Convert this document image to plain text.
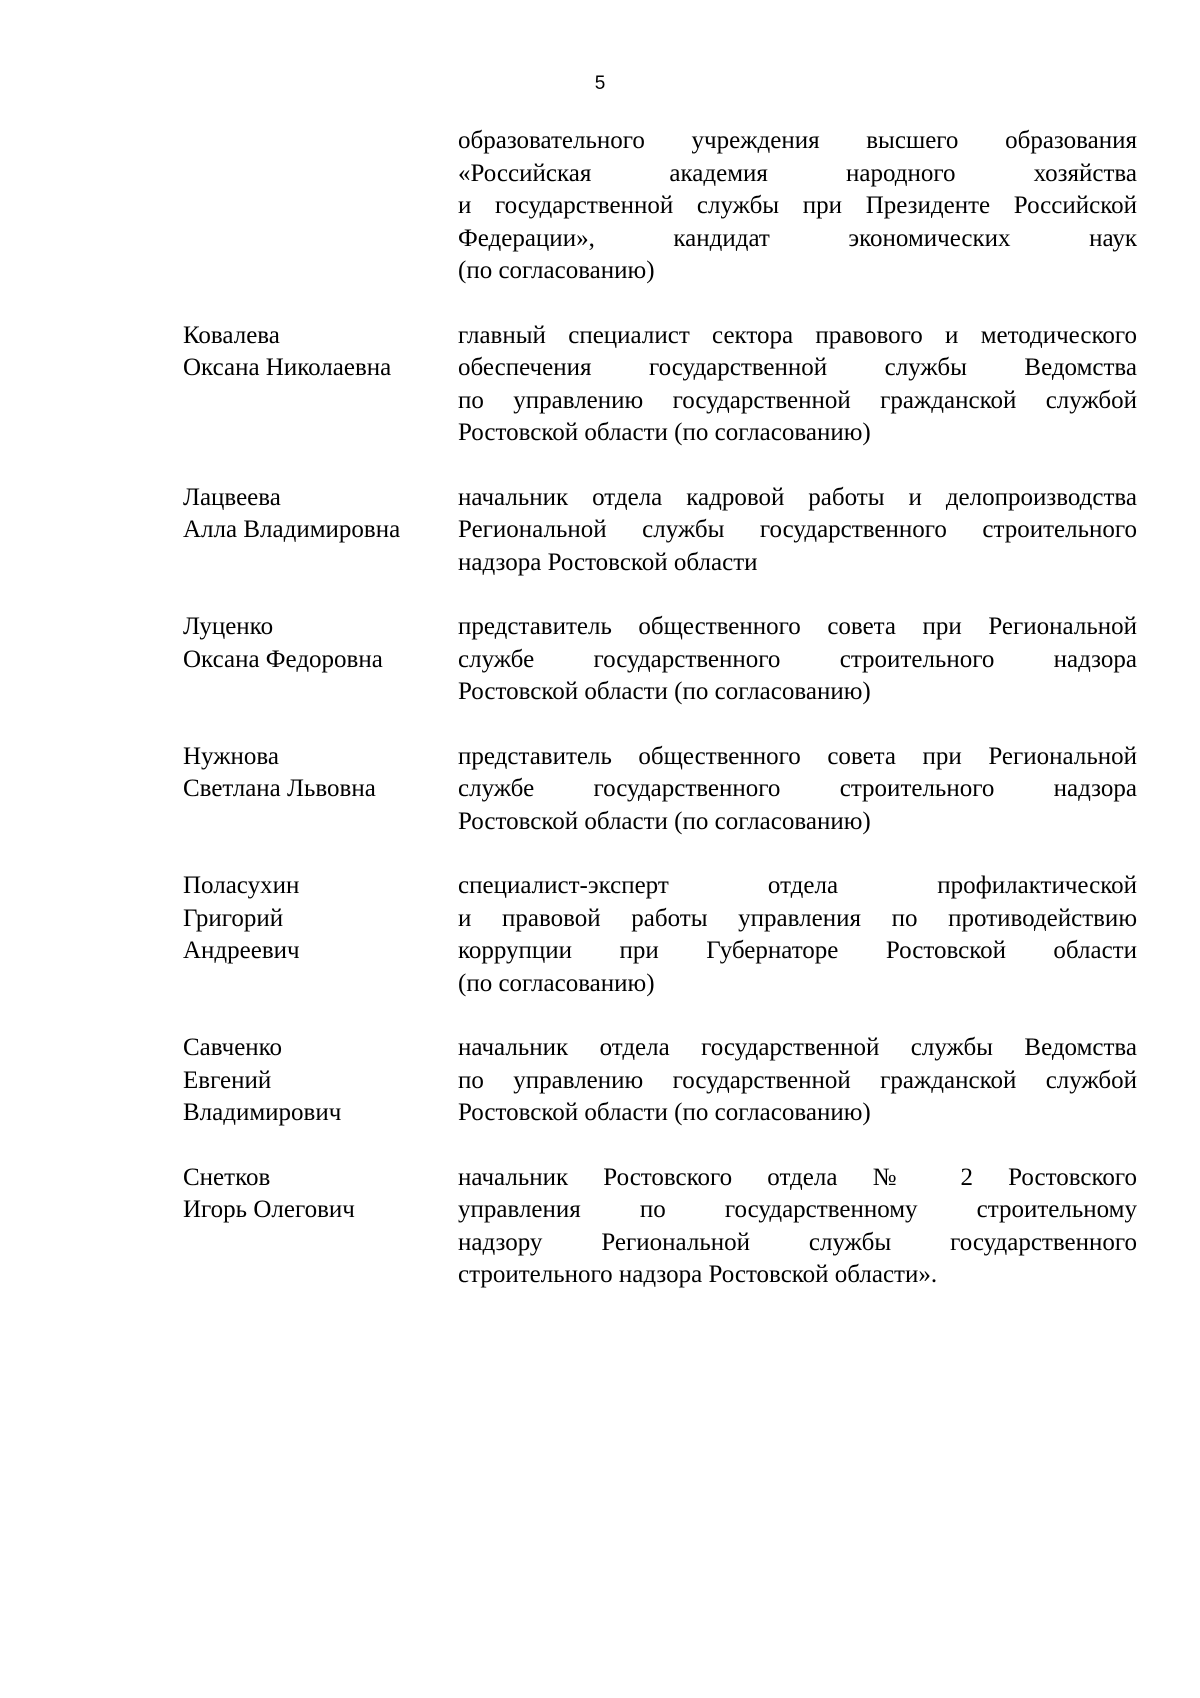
5
образовательного учреждения высшего образования
«Российская академия народного хозяйства
и государственной службы при Президенте Российской
Федерации», кандидат экономических наук
(по согласованию)
Ковалева
Оксана Николаевна
главный специалист сектора правового и методического
обеспечения государственной службы Ведомства
по управлению государственной гражданской службой
Ростовской области (по согласованию)
Лацвеева
Алла Владимировна
начальник отдела кадровой работы и делопроизводства
Региональной службы государственного строительного
надзора Ростовской области
Луценко
Оксана Федоровна
представитель общественного совета при Региональной
службе государственного строительного надзора
Ростовской области (по согласованию)
Нужнова
Светлана Львовна
представитель общественного совета при Региональной
службе государственного строительного надзора
Ростовской области (по согласованию)
Поласухин
Григорий
Андреевич
специалист-эксперт отдела профилактической
и правовой работы управления по противодействию
коррупции при Губернаторе Ростовской области
(по согласованию)
Савченко
Евгений
Владимирович
начальник отдела государственной службы Ведомства
по управлению государственной гражданской службой
Ростовской области (по согласованию)
Снетков
Игорь Олегович
начальник Ростовского отдела № 2 Ростовского
управления по государственному строительному
надзору Региональной службы государственного
строительного надзора Ростовской области».
